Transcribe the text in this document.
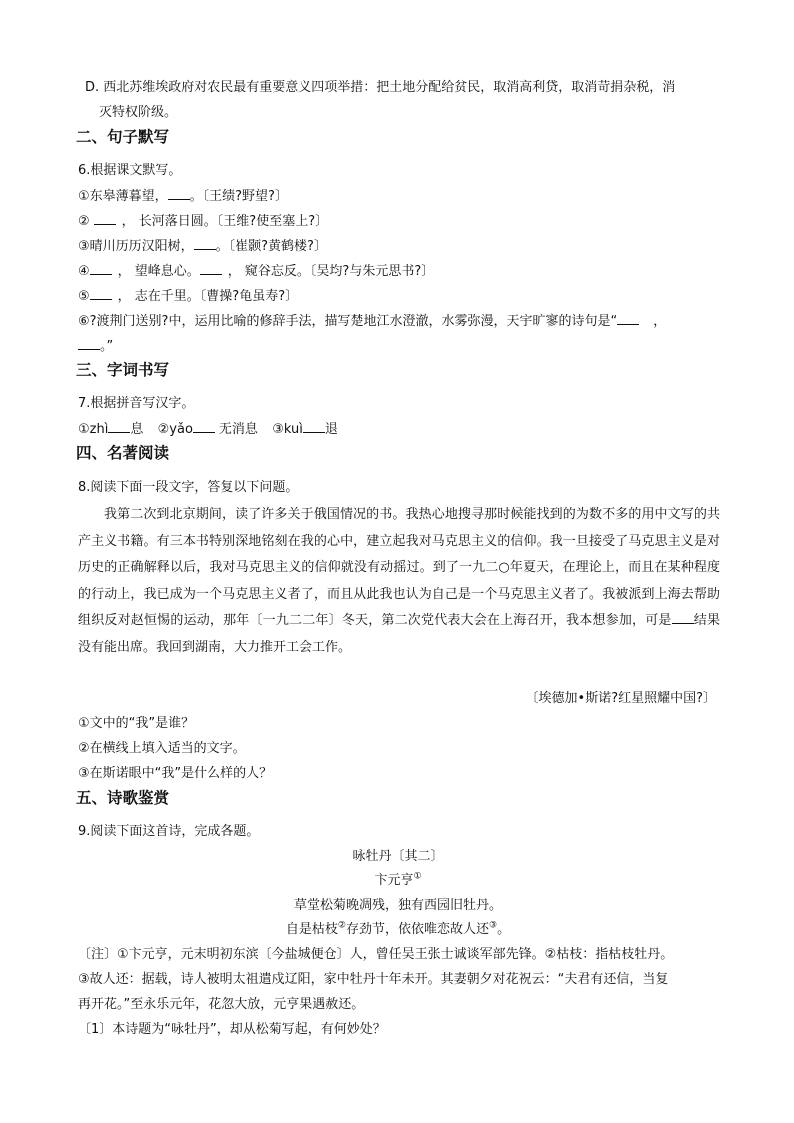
D. 西北苏维埃政府对农民最有重要意义四项举措：把土地分配给贫民，取消高利贷，取消苛捐杂税，消
灭特权阶级。
二、句子默写
6.根据课文默写。
①东皋薄暮望， 。〔王绩?野望?〕
② ， 长河落日圆。〔王维?使至塞上?〕
③晴川历历汉阳树， 。〔崔颢?黄鹤楼?〕
④ ， 望峰息心。 ， 窥谷忘反。〔吴均?与朱元思书?〕
⑤ ， 志在千里。〔曹操?龟虽寿?〕
⑥?渡荆门送别?中，运用比喻的修辞手法，描写楚地江水澄澈，水雾弥漫，天宇旷寥的诗句是“	，
。”
三、字词书写
7.根据拼音写汉字。
①zhì 息 ②yǎo 无消息 ③kuì 退
四、名著阅读
8.阅读下面一段文字，答复以下问题。
我第二次到北京期间，读了许多关于俄国情况的书。我热心地搜寻那时候能找到的为数不多的用中文写的共产主义书籍。有三本书特别深地铭刻在我的心中，建立起我对马克思主义的信仰。我一旦接受了马克思主义是对历史的正确解释以后，我对马克思主义的信仰就没有动摇过。到了一九二○年夏天，在理论上，而且在某种程度的行动上，我已成为一个马克思主义者了，而且从此我也认为自己是一个马克思主义者了。我被派到上海去帮助组织反对赵恒惕的运动，那年〔一九二二年〕冬天，第二次党代表大会在上海召开，我本想参加，可是 结果没有能出席。我回到湖南，大力推开工会工作。
〔埃德加•斯诺?红星照耀中国?〕
①文中的“我”是谁？
②在横线上填入适当的文字。
③在斯诺眼中“我”是什么样的人？
五、诗歌鉴赏
9.阅读下面这首诗，完成各题。
咏牡丹〔其二〕
卞元亨①
草堂松菊晚凋残，独有西园旧牡丹。
自是枯枝②存劲节，依依唯恋故人还③。
〔注〕①卞元亨，元末明初东滨〔今盐城便仓〕人，曾任吴王张士诚谈军部先锋。②枯枝：指枯枝牡丹。
③故人还：据载，诗人被明太祖遣戍辽阳，家中牡丹十年未开。其妻朝夕对花祝云：“夫君有还信，当复
再开花。”至永乐元年，花忽大放，元亨果遇赦还。
〔1〕本诗题为“咏牡丹”，却从松菊写起，有何妙处？
